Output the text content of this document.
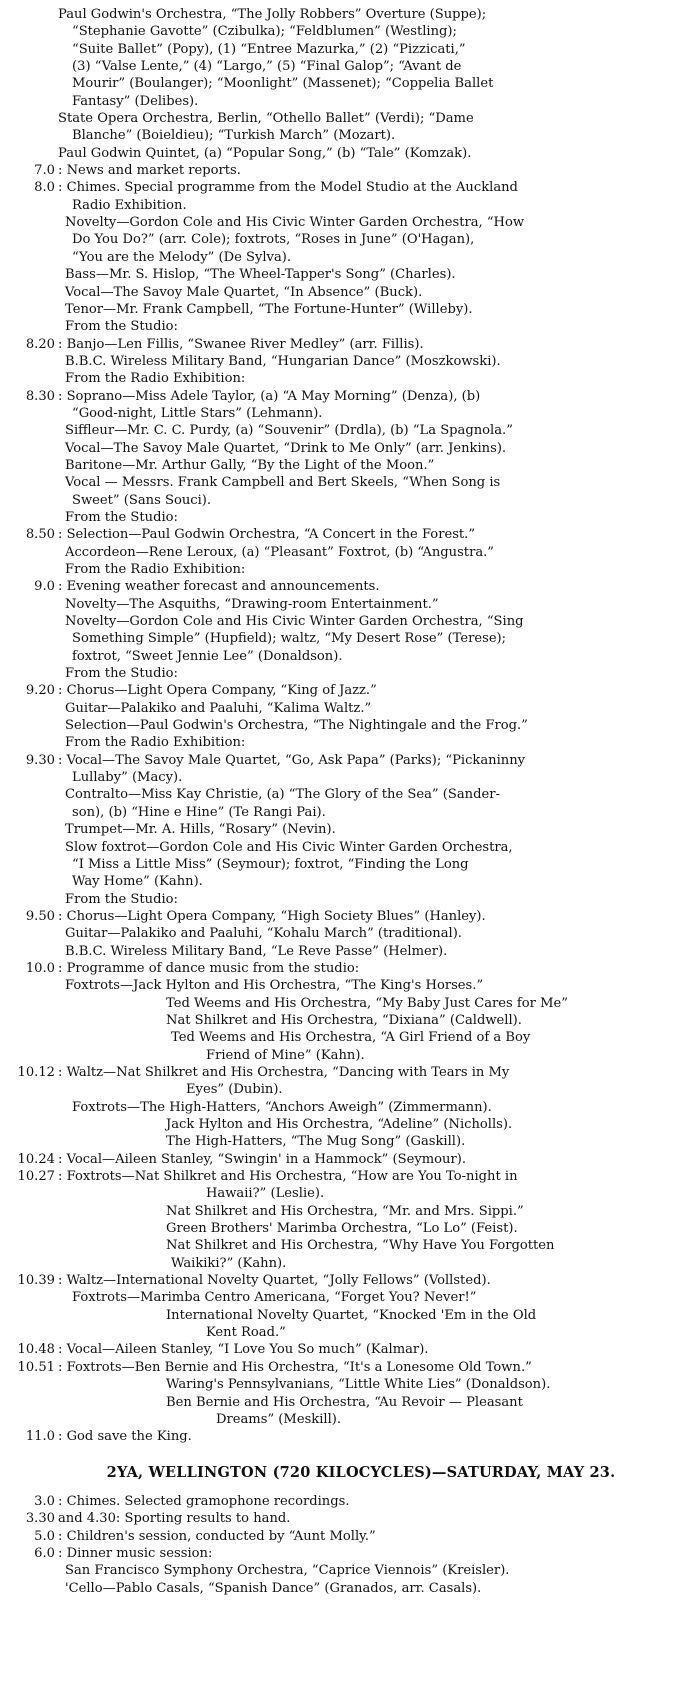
Paul Godwin's Orchestra, “The Jolly Robbers” Overture (Suppe);
“Stephanie Gavotte” (Czibulka); “Feldblumen” (Westling);
“Suite Ballet” (Popy), (1) “Entree Mazurka,” (2) “Pizzicati,”
(3) “Valse Lente,” (4) “Largo,” (5) “Final Galop”; “Avant de
Mourir” (Boulanger); “Moonlight” (Massenet); “Coppelia Ballet
Fantasy” (Delibes).
State Opera Orchestra, Berlin, “Othello Ballet” (Verdi); “Dame
Blanche” (Boieldieu); “Turkish March” (Mozart).
Paul Godwin Quintet, (a) “Popular Song,” (b) “Tale” (Komzak).
7.0 : News and market reports.
8.0 : Chimes. Special programme from the Model Studio at the Auckland
Radio Exhibition.
Novelty—Gordon Cole and His Civic Winter Garden Orchestra, “How
Do You Do?” (arr. Cole); foxtrots, “Roses in June” (O'Hagan),
“You are the Melody” (De Sylva).
Bass—Mr. S. Hislop, “The Wheel-Tapper's Song” (Charles).
Vocal—The Savoy Male Quartet, “In Absence” (Buck).
Tenor—Mr. Frank Campbell, “The Fortune-Hunter” (Willeby).
From the Studio:
8.20 : Banjo—Len Fillis, “Swanee River Medley” (arr. Fillis).
B.B.C. Wireless Military Band, “Hungarian Dance” (Moszkowski).
From the Radio Exhibition:
8.30 : Soprano—Miss Adele Taylor, (a) “A May Morning” (Denza), (b)
“Good-night, Little Stars” (Lehmann).
Siffleur—Mr. C. C. Purdy, (a) “Souvenir” (Drdla), (b) “La Spagnola.”
Vocal—The Savoy Male Quartet, “Drink to Me Only” (arr. Jenkins).
Baritone—Mr. Arthur Gally, “By the Light of the Moon.”
Vocal — Messrs. Frank Campbell and Bert Skeels, “When Song is
Sweet” (Sans Souci).
From the Studio:
8.50 : Selection—Paul Godwin Orchestra, “A Concert in the Forest.”
Accordeon—Rene Leroux, (a) “Pleasant” Foxtrot, (b) “Angustra.”
From the Radio Exhibition:
9.0 : Evening weather forecast and announcements.
Novelty—The Asquiths, “Drawing-room Entertainment.”
Novelty—Gordon Cole and His Civic Winter Garden Orchestra, “Sing
Something Simple” (Hupfield); waltz, “My Desert Rose” (Terese);
foxtrot, “Sweet Jennie Lee” (Donaldson).
From the Studio:
9.20 : Chorus—Light Opera Company, “King of Jazz.”
Guitar—Palakiko and Paaluhi, “Kalima Waltz.”
Selection—Paul Godwin's Orchestra, “The Nightingale and the Frog.”
From the Radio Exhibition:
9.30 : Vocal—The Savoy Male Quartet, “Go, Ask Papa” (Parks); “Pickaninny
Lullaby” (Macy).
Contralto—Miss Kay Christie, (a) “The Glory of the Sea” (Sander-
son), (b) “Hine e Hine” (Te Rangi Pai).
Trumpet—Mr. A. Hills, “Rosary” (Nevin).
Slow foxtrot—Gordon Cole and His Civic Winter Garden Orchestra,
“I Miss a Little Miss” (Seymour); foxtrot, “Finding the Long
Way Home” (Kahn).
From the Studio:
9.50 : Chorus—Light Opera Company, “High Society Blues” (Hanley).
Guitar—Palakiko and Paaluhi, “Kohalu March” (traditional).
B.B.C. Wireless Military Band, “Le Reve Passe” (Helmer).
10.0 : Programme of dance music from the studio:
Foxtrots—Jack Hylton and His Orchestra, “The King's Horses.”
Ted Weems and His Orchestra, “My Baby Just Cares for Me”
Nat Shilkret and His Orchestra, “Dixiana” (Caldwell).
Ted Weems and His Orchestra, “A Girl Friend of a Boy
Friend of Mine” (Kahn).
10.12 : Waltz—Nat Shilkret and His Orchestra, “Dancing with Tears in My
Eyes” (Dubin).
Foxtrots—The High-Hatters, “Anchors Aweigh” (Zimmermann).
Jack Hylton and His Orchestra, “Adeline” (Nicholls).
The High-Hatters, “The Mug Song” (Gaskill).
10.24 : Vocal—Aileen Stanley, “Swingin' in a Hammock” (Seymour).
10.27 : Foxtrots—Nat Shilkret and His Orchestra, “How are You To-night in
Hawaii?” (Leslie).
Nat Shilkret and His Orchestra, “Mr. and Mrs. Sippi.”
Green Brothers' Marimba Orchestra, “Lo Lo” (Feist).
Nat Shilkret and His Orchestra, “Why Have You Forgotten
Waikiki?” (Kahn).
10.39 : Waltz—International Novelty Quartet, “Jolly Fellows” (Vollsted).
Foxtrots—Marimba Centro Americana, “Forget You? Never!”
International Novelty Quartet, “Knocked 'Em in the Old
Kent Road.”
10.48 : Vocal—Aileen Stanley, “I Love You So much” (Kalmar).
10.51 : Foxtrots—Ben Bernie and His Orchestra, “It's a Lonesome Old Town.”
Waring's Pennsylvanians, “Little White Lies” (Donaldson).
Ben Bernie and His Orchestra, “Au Revoir — Pleasant
Dreams” (Meskill).
11.0 : God save the King.
2YA, WELLINGTON (720 KILOCYCLES)—SATURDAY, MAY 23.
3.0 : Chimes. Selected gramophone recordings.
3.30 and 4.30: Sporting results to hand.
5.0 : Children's session, conducted by “Aunt Molly.”
6.0 : Dinner music session:
San Francisco Symphony Orchestra, “Caprice Viennois” (Kreisler).
'Cello—Pablo Casals, “Spanish Dance” (Granados, arr. Casals).
